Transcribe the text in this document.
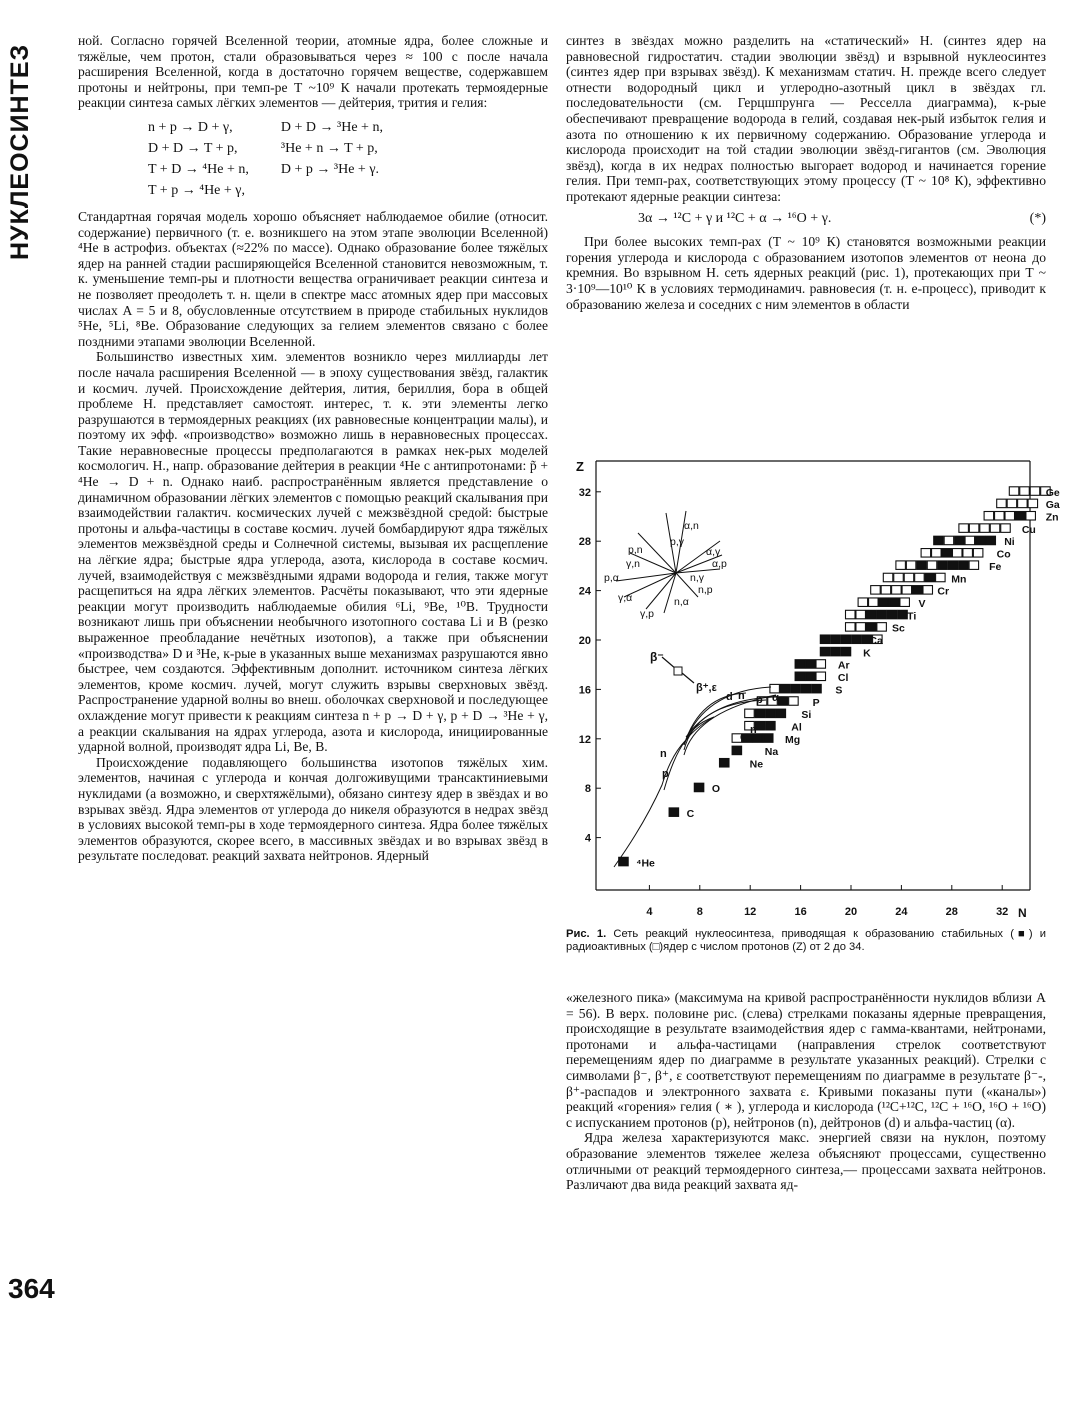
НУКЛЕОСИНТЕЗ
364

ной. Согласно горячей Вселенной теории, атомные ядра, более сложные и тяжёлые, чем протон, стали образовываться через ≈ 100 с после начала расширения Вселенной, когда в достаточно горячем веществе, содержавшем протоны и нейтроны, при темп-ре T ~10⁹ К начали протекать термоядерные реакции синтеза самых лёгких элементов — дейтерия, трития и гелия:

n + p → D + γ,	D + D → ³He + n,
D + D → T + p,	³He + n → T + p,
T + D → ⁴He + n,	D + p → ³He + γ.
T + p → ⁴He + γ,	

Стандартная горячая модель хорошо объясняет наблюдаемое обилие (относит. содержание) первичного (т. е. возникшего на этом этапе эволюции Вселенной) ⁴He в астрофиз. объектах (≈22% по массе). Однако образование более тяжёлых ядер на ранней стадии расширяющейся Вселенной становится невозможным, т. к. уменьшение темп-ры и плотности вещества ограничивает реакции синтеза и не позволяет преодолеть т. н. щели в спектре масс атомных ядер при массовых числах A = 5 и 8, обусловленные отсутствием в природе стабильных нуклидов ⁵He, ⁵Li, ⁸Be. Образование следующих за гелием элементов связано с более поздними этапами эволюции Вселенной.

Большинство известных хим. элементов возникло через миллиарды лет после начала расширения Вселенной — в эпоху существования звёзд, галактик и космич. лучей. Происхождение дейтерия, лития, бериллия, бора в общей проблеме Н. представляет самостоят. интерес, т. к. эти элементы легко разрушаются в термоядерных реакциях (их равновесные концентрации малы), и поэтому их эфф. «производство» возможно лишь в неравновесных процессах. Такие неравновесные процессы предполагаются в рамках нек-рых моделей космологич. Н., напр. образование дейтерия в реакции ⁴He с антипротонами: p̃ + ⁴He → D + n. Однако наиб. распространённым является представление о динамичном образовании лёгких элементов с помощью реакций скалывания при взаимодействии галактич. космических лучей с межзвёздной средой: быстрые протоны и альфа-частицы в составе космич. лучей бомбардируют ядра тяжёлых элементов межзвёздной среды и Солнечной системы, вызывая их расщепление на лёгкие ядра; быстрые ядра углерода, азота, кислорода в составе космич. лучей, взаимодействуя с межзвёздными ядрами водорода и гелия, также могут расщепиться на ядра лёгких элементов. Расчёты показывают, что эти ядерные реакции могут производить наблюдаемые обилия ⁶Li, ⁹Be, ¹⁰B. Трудности возникают лишь при объяснении необычного изотопного состава Li и B (резко выраженное преобладание нечётных изотопов), а также при объяснении «производства» D и ³He, к-рые в указанных выше механизмах разрушаются явно быстрее, чем создаются. Эффективным дополнит. источником синтеза лёгких элементов, кроме космич. лучей, могут служить взрывы сверхновых звёзд. Распространение ударной волны во внеш. оболочках сверхновой и последующее охлаждение могут привести к реакциям синтеза n + p → D + γ, p + D → ³He + γ, а реакции скалывания на ядрах углерода, азота и кислорода, инициированные ударной волной, производят ядра Li, Be, B.

Происхождение подавляющего большинства изотопов тяжёлых хим. элементов, начиная с углерода и кончая долгоживущими трансактиниевыми нуклидами (а возможно, и сверхтяжёлыми), обязано синтезу ядер в звёздах и во взрывах звёзд. Ядра элементов от углерода до никеля образуются в недрах звёзд в условиях высокой темп-ры в ходе термоядерного синтеза. Ядра более тяжёлых элементов образуются, скорее всего, в массивных звёздах и во взрывах звёзд в результате последоват. реакций захвата нейтронов. Ядерный

синтез в звёздах можно разделить на «статический» Н. (синтез ядер на равновесной гидростатич. стадии эволюции звёзд) и взрывной нуклеосинтез (синтез ядер при взрывах звёзд). К механизмам статич. Н. прежде всего следует отнести водородный цикл и углеродно-азотный цикл в звёздах гл. последовательности (см. Герцшпрунга — Ресселла диаграмма), к-рые обеспечивают превращение водорода в гелий, создавая нек-рый избыток гелия и азота по отношению к их первичному содержанию. Образование углерода и кислорода происходит на той стадии эволюции звёзд-гигантов (см. Эволюция звёзд), когда в их недрах полностью выгорает водород и начинается горение гелия. При темп-рах, соответствующих этому процессу (T ~ 10⁸ К), эффективно протекают ядерные реакции синтеза:

3α → ¹²C + γ и ¹²C + α → ¹⁶O + γ.	(*)

При более высоких темп-рах (T ~ 10⁹ К) становятся возможными реакции горения углерода и кислорода с образованием изотопов элементов от неона до кремния. Во взрывном Н. сеть ядерных реакций (рис. 1), протекающих при T ~ 3·10⁹—10¹⁰ К в условиях термодинамич. равновесия (т. н. e-процесс), приводит к образованию железа и соседних с ним элементов в области

Z
N
4	8	12	16	20	24	28	32
4
8
12
16
20
24
28
32
⁴He
C
O
Ne
Na
Mg
Al
Si
P
S
Cl
Ar
K
Ca
Sc
Ti
V
Cr
Mn
Fe
Co
Ni
Cu
Zn
Ga
Ge
n
p
d n
α
n
p α
α,n
p,γ
p,n
γ,n
α,γ
α,p
n,γ
p,α
γ,α
n,p
γ,p
n,α
β⁻
β⁺,ε
Рис. 1. Сеть реакций нуклеосинтеза, приводящая к образованию стабильных (■) и радиоактивных (□)ядер с числом протонов (Z) от 2 до 34.

«железного пика» (максимума на кривой распространённости нуклидов вблизи A = 56). В верх. половине рис. (слева) стрелками показаны ядерные превращения, происходящие в результате взаимодействия ядер с гамма-квантами, нейтронами, протонами и альфа-частицами (направления стрелок соответствуют перемещениям ядер по диаграмме в результате указанных реакций). Стрелки с символами β⁻, β⁺, ε соответствуют перемещениям по диаграмме в результате β⁻-, β⁺-распадов и электронного захвата ε. Кривыми показаны пути («каналы») реакций «горения» гелия ( ∗ ), углерода и кислорода (¹²C+¹²C, ¹²C + ¹⁶O, ¹⁶O + ¹⁶O) с испусканием протонов (p), нейтронов (n), дейтронов (d) и альфа-частиц (α).

Ядра железа характеризуются макс. энергией связи на нуклон, поэтому образование элементов тяжелее железа объясняют процессами, существенно отличными от реакций термоядерного синтеза,— процессами захвата нейтронов. Различают два вида реакций захвата яд-
